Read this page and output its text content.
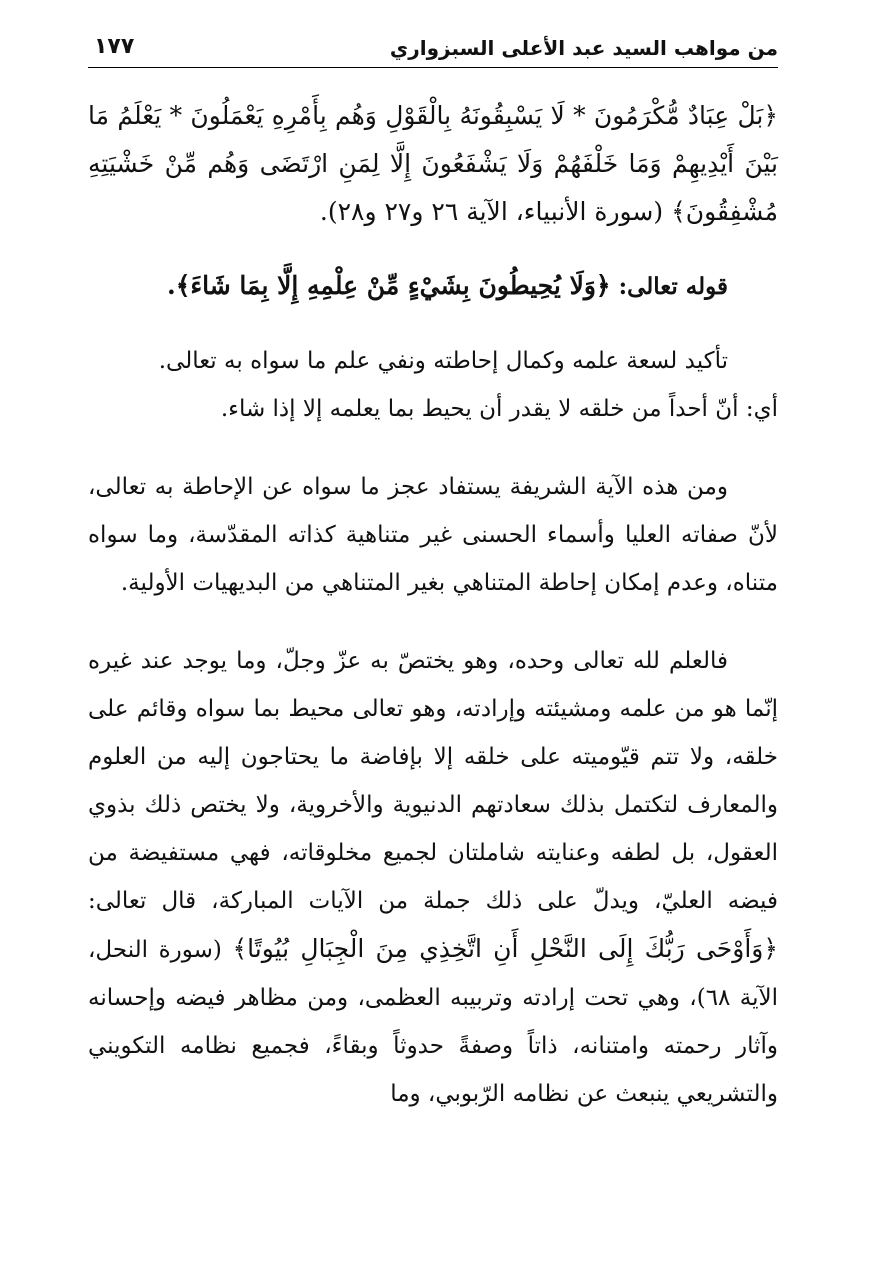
١٧٧	من مواهب السيد عبد الأعلى السبزواري

﴿بَلْ عِبَادٌ مُّكْرَمُونَ * لَا يَسْبِقُونَهُ بِالْقَوْلِ وَهُم بِأَمْرِهِ يَعْمَلُونَ * يَعْلَمُ مَا بَيْنَ أَيْدِيهِمْ وَمَا خَلْفَهُمْ وَلَا يَشْفَعُونَ إِلَّا لِمَنِ ارْتَضَى وَهُم مِّنْ خَشْيَتِهِ مُشْفِقُونَ﴾ (سورة الأنبياء، الآية ٢٦ و٢٧ و٢٨).

قوله تعالى: ﴿وَلَا يُحِيطُونَ بِشَيْءٍ مِّنْ عِلْمِهِ إِلَّا بِمَا شَاءَ﴾.

تأكيد لسعة علمه وكمال إحاطته ونفي علم ما سواه به تعالى.

أي: أنّ أحداً من خلقه لا يقدر أن يحيط بما يعلمه إلا إذا شاء.

ومن هذه الآية الشريفة يستفاد عجز ما سواه عن الإحاطة به تعالى، لأنّ صفاته العليا وأسماء الحسنى غير متناهية كذاته المقدّسة، وما سواه متناه، وعدم إمكان إحاطة المتناهي بغير المتناهي من البديهيات الأولية.

فالعلم لله تعالى وحده، وهو يختصّ به عزّ وجلّ، وما يوجد عند غيره إنّما هو من علمه ومشيئته وإرادته، وهو تعالى محيط بما سواه وقائم على خلقه، ولا تتم قيّوميته على خلقه إلا بإفاضة ما يحتاجون إليه من العلوم والمعارف لتكتمل بذلك سعادتهم الدنيوية والأخروية، ولا يختص ذلك بذوي العقول، بل لطفه وعنايته شاملتان لجميع مخلوقاته، فهي مستفيضة من فيضه العليّ، ويدلّ على ذلك جملة من الآيات المباركة، قال تعالى: ﴿وَأَوْحَى رَبُّكَ إِلَى النَّحْلِ أَنِ اتَّخِذِي مِنَ الْجِبَالِ بُيُوتًا﴾ (سورة النحل، الآية ٦٨)، وهي تحت إرادته وتربيبه العظمى، ومن مظاهر فيضه وإحسانه وآثار رحمته وامتنانه، ذاتاً وصفةً حدوثاً وبقاءً، فجميع نظامه التكويني والتشريعي ينبعث عن نظامه الرّبوبي، وما
